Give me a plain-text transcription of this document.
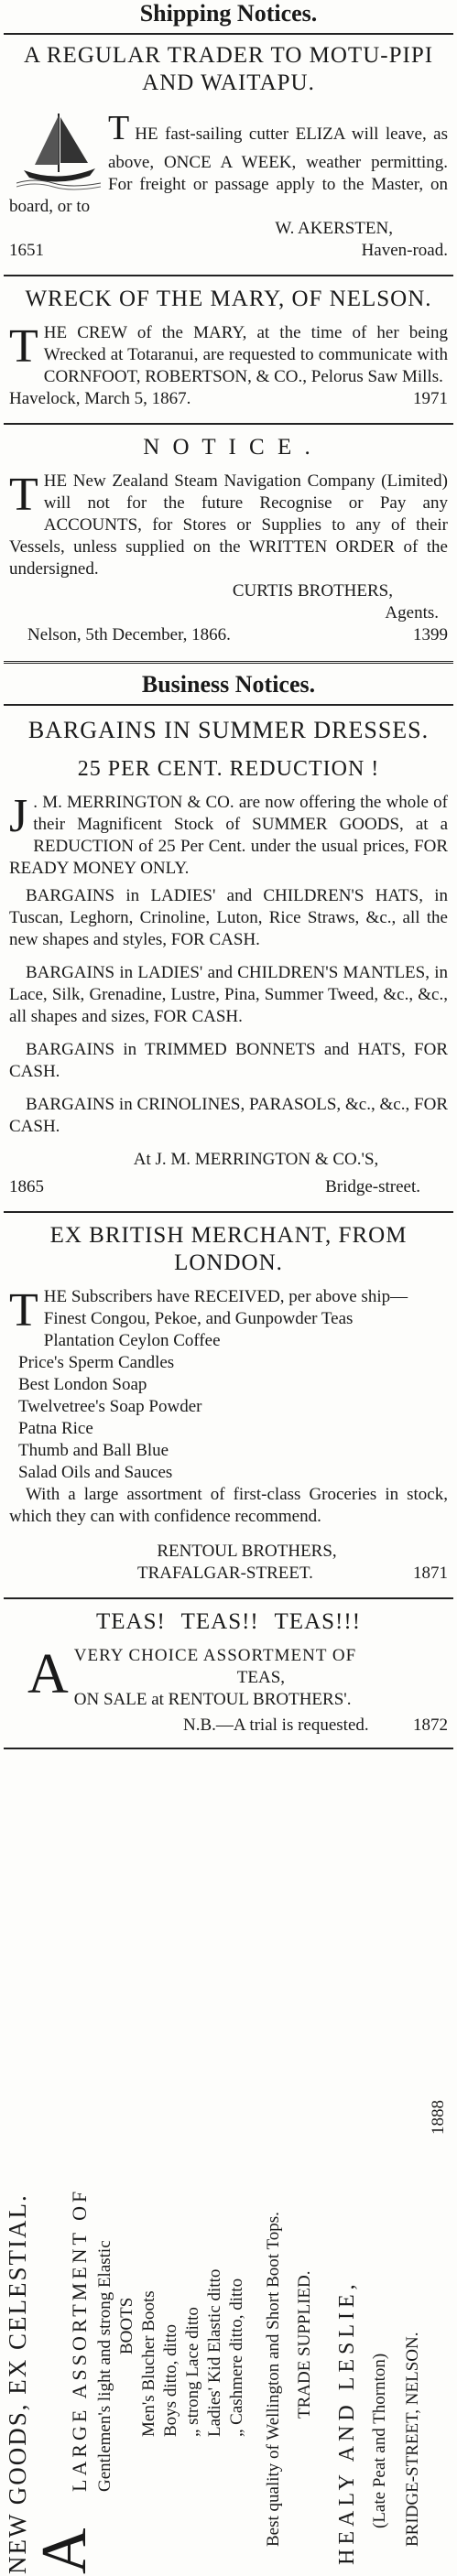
Shipping Notices.
A REGULAR TRADER TO MOTU-PIPI AND WAITAPU.
THE fast-sailing cutter ELIZA will leave, as above, ONCE A WEEK, weather permitting. For freight or passage apply to the Master, on board, or to
W. AKERSTEN,
1651	Haven-road.
WRECK OF THE MARY, OF NELSON.
THE CREW of the MARY, at the time of her being Wrecked at Totaranui, are requested to communicate with CORNFOOT, ROBERTSON, & CO., Pelorus Saw Mills.
Havelock, March 5, 1867.	1971
N O T I C E .
THE New Zealand Steam Navigation Company (Limited) will not for the future Recognise or Pay any ACCOUNTS, for Stores or Supplies to any of their Vessels, unless supplied on the WRITTEN ORDER of the undersigned.
CURTIS BROTHERS,
Agents.
Nelson, 5th December, 1866.	1399
Business Notices.
BARGAINS IN SUMMER DRESSES.
25 PER CENT. REDUCTION !
J . M. MERRINGTON & CO. are now offering the whole of their Magnificent Stock of SUMMER GOODS, at a REDUCTION of 25 Per Cent. under the usual prices, FOR READY MONEY ONLY.
BARGAINS in LADIES' and CHILDREN'S HATS, in Tuscan, Leghorn, Crinoline, Luton, Rice Straws, &c., all the new shapes and styles, FOR CASH.
BARGAINS in LADIES' and CHILDREN'S MANTLES, in Lace, Silk, Grenadine, Lustre, Pina, Summer Tweed, &c., &c., all shapes and sizes, FOR CASH.
BARGAINS in TRIMMED BONNETS and HATS, FOR CASH.
BARGAINS in CRINOLINES, PARASOLS, &c., &c., FOR CASH.
At J. M. MERRINGTON & CO.'S,
1865	Bridge-street.
EX BRITISH MERCHANT, FROM LONDON.
THE Subscribers have RECEIVED, per above ship—
Finest Congou, Pekoe, and Gunpowder Teas
Plantation Ceylon Coffee
Price's Sperm Candles
Best London Soap
Twelvetree's Soap Powder
Patna Rice
Thumb and Ball Blue
Salad Oils and Sauces
With a large assortment of first-class Groceries in stock, which they can with confidence recommend.
RENTOUL BROTHERS,
TRAFALGAR-STREET.	1871
TEAS! TEAS!! TEAS!!!
A VERY CHOICE ASSORTMENT OF
TEAS,
ON SALE at RENTOUL BROTHERS'.
N.B.—A trial is requested.	1872
NEW GOODS, EX CELESTIAL.
A
LARGE ASSORTMENT OF Gentlemen's light and strong Elastic BOOTS Men's Blucher Boots Boys ditto, ditto „ strong Lace ditto Ladies' Kid Elastic ditto „ Cashmere ditto, ditto Best quality of Wellington and Short Boot Tops. TRADE SUPPLIED. HEALY AND LESLIE, (Late Peat and Thornton) BRIDGE-STREET, NELSON.
1888
